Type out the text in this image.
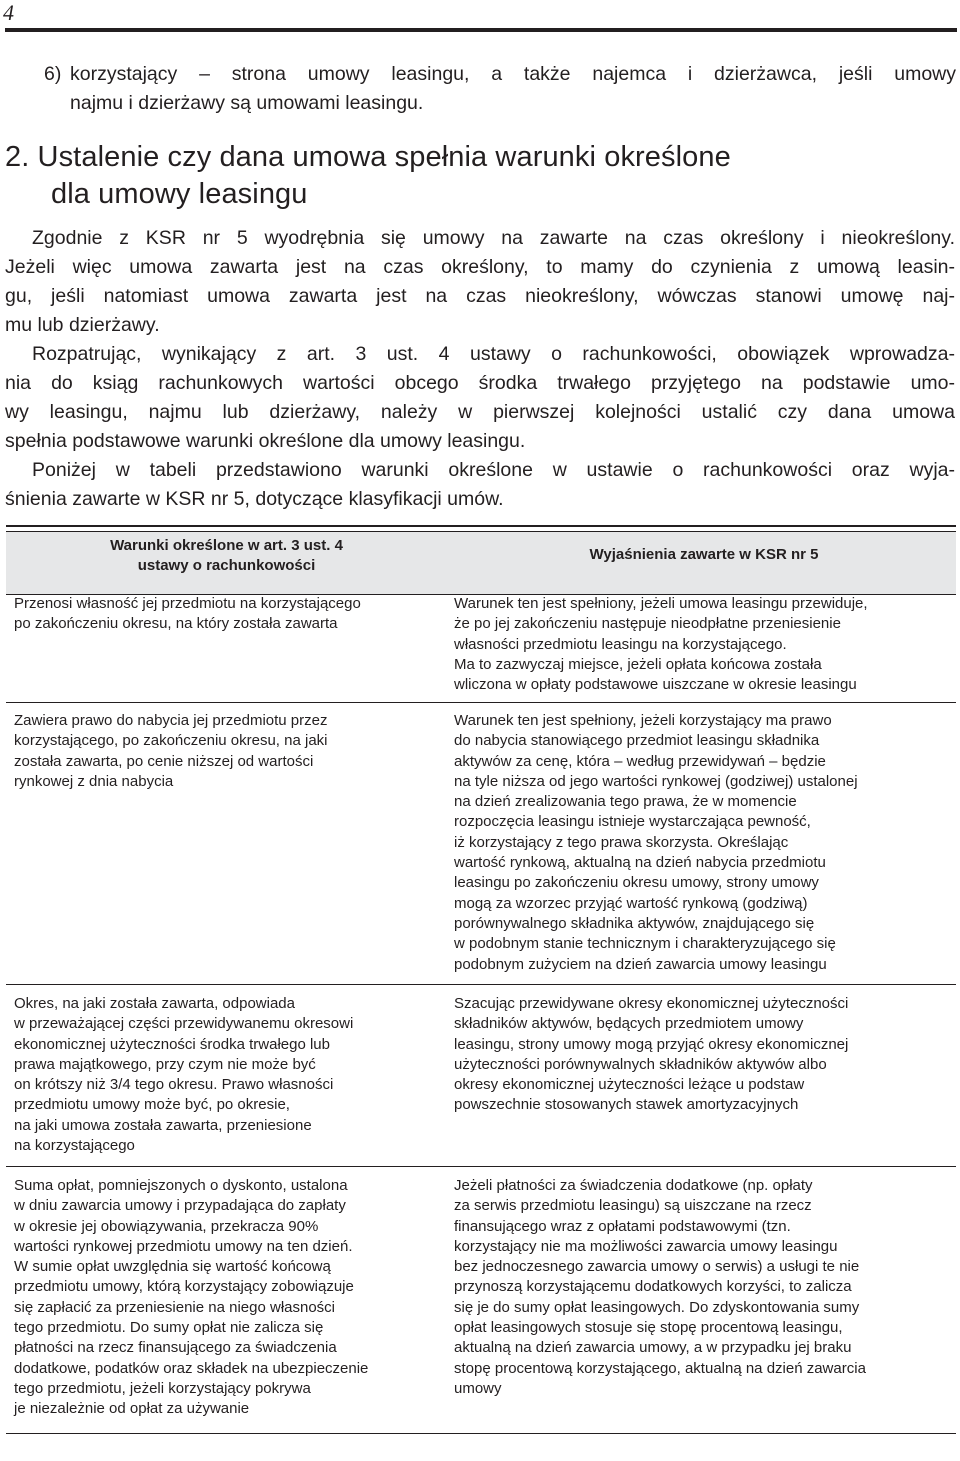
4
6) korzystający – strona umowy leasingu, a także najemca i dzierżawca, jeśli umowy
najmu i dzierżawy są umowami leasingu.
2. Ustalenie czy dana umowa spełnia warunki określone
dla umowy leasingu
Zgodnie z KSR nr 5 wyodrębnia się umowy na zawarte na czas określony i nieokreślony.
Jeżeli więc umowa zawarta jest na czas określony, to mamy do czynienia z umową leasin-
gu, jeśli natomiast umowa zawarta jest na czas nieokreślony, wówczas stanowi umowę naj-
mu lub dzierżawy.
Rozpatrując, wynikający z art. 3 ust. 4 ustawy o rachunkowości, obowiązek wprowadza-
nia do ksiąg rachunkowych wartości obcego środka trwałego przyjętego na podstawie umo-
wy leasingu, najmu lub dzierżawy, należy w pierwszej kolejności ustalić czy dana umowa
spełnia podstawowe warunki określone dla umowy leasingu.
Poniżej w tabeli przedstawiono warunki określone w ustawie o rachunkowości oraz wyja-
śnienia zawarte w KSR nr 5, dotyczące klasyfikacji umów.
Warunki określone w art. 3 ust. 4
ustawy o rachunkowości
Wyjaśnienia zawarte w KSR nr 5
Przenosi własność jej przedmiotu na korzystającego
po zakończeniu okresu, na który została zawarta
Warunek ten jest spełniony, jeżeli umowa leasingu przewiduje,
że po jej zakończeniu następuje nieodpłatne przeniesienie
własności przedmiotu leasingu na korzystającego.
Ma to zazwyczaj miejsce, jeżeli opłata końcowa została
wliczona w opłaty podstawowe uiszczane w okresie leasingu
Zawiera prawo do nabycia jej przedmiotu przez
korzystającego, po zakończeniu okresu, na jaki
została zawarta, po cenie niższej od wartości
rynkowej z dnia nabycia
Warunek ten jest spełniony, jeżeli korzystający ma prawo
do nabycia stanowiącego przedmiot leasingu składnika
aktywów za cenę, która – według przewidywań – będzie
na tyle niższa od jego wartości rynkowej (godziwej) ustalonej
na dzień zrealizowania tego prawa, że w momencie
rozpoczęcia leasingu istnieje wystarczająca pewność,
iż korzystający z tego prawa skorzysta. Określając
wartość rynkową, aktualną na dzień nabycia przedmiotu
leasingu po zakończeniu okresu umowy, strony umowy
mogą za wzorzec przyjąć wartość rynkową (godziwą)
porównywalnego składnika aktywów, znajdującego się
w podobnym stanie technicznym i charakteryzującego się
podobnym zużyciem na dzień zawarcia umowy leasingu
Okres, na jaki została zawarta, odpowiada
w przeważającej części przewidywanemu okresowi
ekonomicznej użyteczności środka trwałego lub
prawa majątkowego, przy czym nie może być
on krótszy niż 3/4 tego okresu. Prawo własności
przedmiotu umowy może być, po okresie,
na jaki umowa została zawarta, przeniesione
na korzystającego
Szacując przewidywane okresy ekonomicznej użyteczności
składników aktywów, będących przedmiotem umowy
leasingu, strony umowy mogą przyjąć okresy ekonomicznej
użyteczności porównywalnych składników aktywów albo
okresy ekonomicznej użyteczności leżące u podstaw
powszechnie stosowanych stawek amortyzacyjnych
Suma opłat, pomniejszonych o dyskonto, ustalona
w dniu zawarcia umowy i przypadająca do zapłaty
w okresie jej obowiązywania, przekracza 90%
wartości rynkowej przedmiotu umowy na ten dzień.
W sumie opłat uwzględnia się wartość końcową
przedmiotu umowy, którą korzystający zobowiązuje
się zapłacić za przeniesienie na niego własności
tego przedmiotu. Do sumy opłat nie zalicza się
płatności na rzecz finansującego za świadczenia
dodatkowe, podatków oraz składek na ubezpieczenie
tego przedmiotu, jeżeli korzystający pokrywa
je niezależnie od opłat za używanie
Jeżeli płatności za świadczenia dodatkowe (np. opłaty
za serwis przedmiotu leasingu) są uiszczane na rzecz
finansującego wraz z opłatami podstawowymi (tzn.
korzystający nie ma możliwości zawarcia umowy leasingu
bez jednoczesnego zawarcia umowy o serwis) a usługi te nie
przynoszą korzystającemu dodatkowych korzyści, to zalicza
się je do sumy opłat leasingowych. Do zdyskontowania sumy
opłat leasingowych stosuje się stopę procentową leasingu,
aktualną na dzień zawarcia umowy, a w przypadku jej braku
stopę procentową korzystającego, aktualną na dzień zawarcia
umowy
